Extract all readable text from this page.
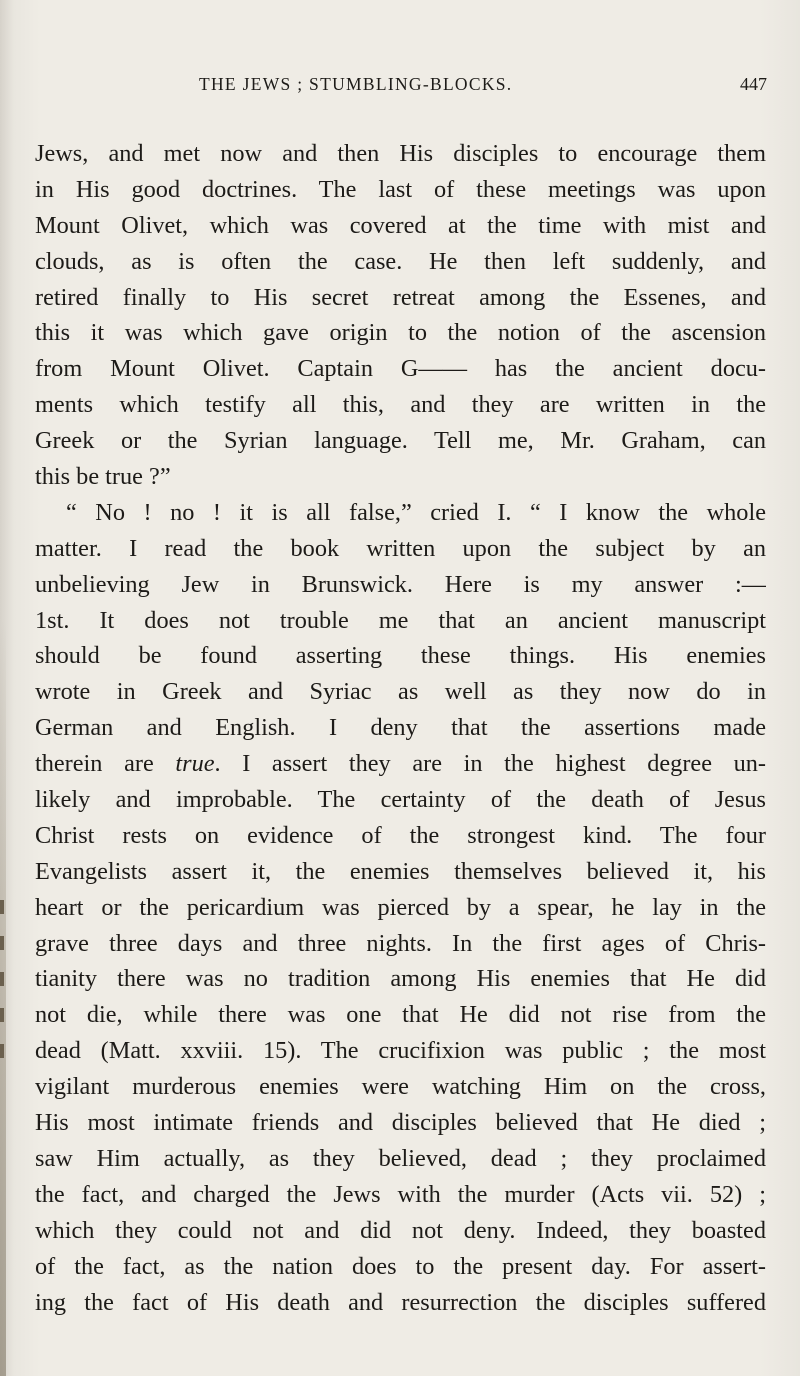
THE JEWS ; STUMBLING-BLOCKS.	447
Jews, and met now and then His disciples to encourage them
in His good doctrines. The last of these meetings was upon
Mount Olivet, which was covered at the time with mist and
clouds, as is often the case. He then left suddenly, and
retired finally to His secret retreat among the Essenes, and
this it was which gave origin to the notion of the ascension
from Mount Olivet. Captain G—— has the ancient docu-
ments which testify all this, and they are written in the
Greek or the Syrian language. Tell me, Mr. Graham, can
this be true ?”
“ No ! no ! it is all false,” cried I. “ I know the whole
matter. I read the book written upon the subject by an
unbelieving Jew in Brunswick. Here is my answer :—
1st. It does not trouble me that an ancient manuscript
should be found asserting these things. His enemies
wrote in Greek and Syriac as well as they now do in
German and English. I deny that the assertions made
therein are true. I assert they are in the highest degree un-
likely and improbable. The certainty of the death of Jesus
Christ rests on evidence of the strongest kind. The four
Evangelists assert it, the enemies themselves believed it, his
heart or the pericardium was pierced by a spear, he lay in the
grave three days and three nights. In the first ages of Chris-
tianity there was no tradition among His enemies that He did
not die, while there was one that He did not rise from the
dead (Matt. xxviii. 15). The crucifixion was public ; the most
vigilant murderous enemies were watching Him on the cross,
His most intimate friends and disciples believed that He died ;
saw Him actually, as they believed, dead ; they proclaimed
the fact, and charged the Jews with the murder (Acts vii. 52) ;
which they could not and did not deny. Indeed, they boasted
of the fact, as the nation does to the present day. For assert-
ing the fact of His death and resurrection the disciples suffered
